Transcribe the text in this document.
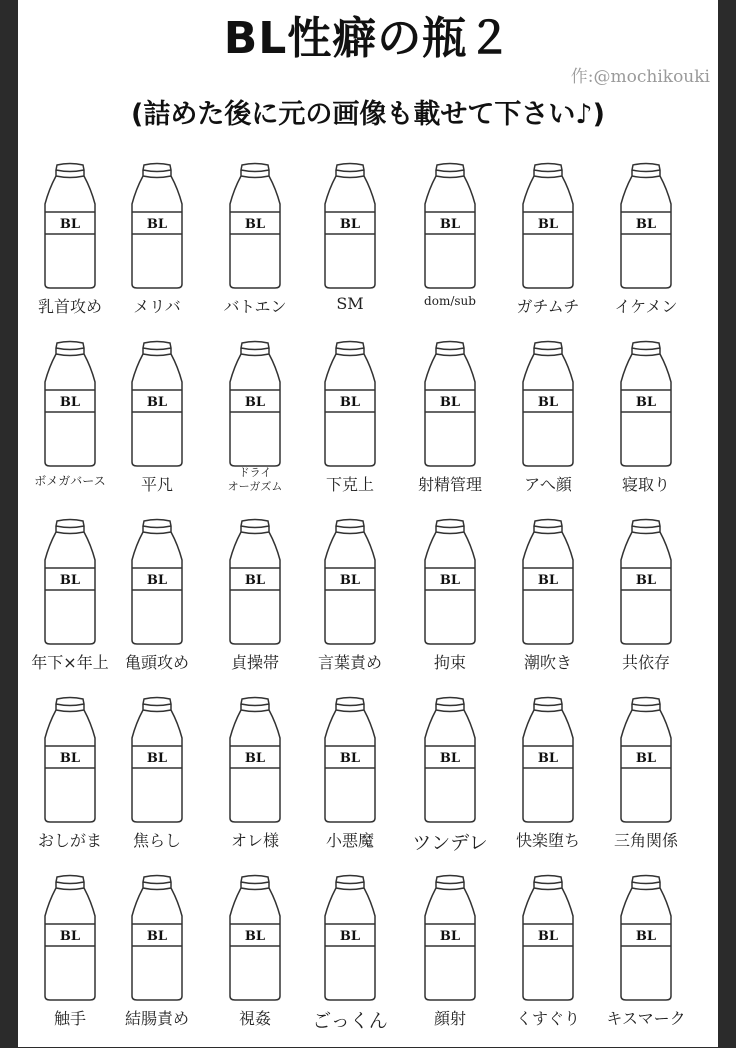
BL性癖の瓶２
作:@mochikouki
(詰めた後に元の画像も載せて下さい♪)
BL
乳首攻め
BL
メリバ
BL
バトエン
BL
SM
BL
dom/sub
BL
ガチムチ
BL
イケメン
BL
ボメガバース
BL
平凡
BL
ドライ
オーガズム
BL
下克上
BL
射精管理
BL
アへ顔
BL
寝取り
BL
年下×年上
BL
亀頭攻め
BL
貞操帯
BL
言葉責め
BL
拘束
BL
潮吹き
BL
共依存
BL
おしがま
BL
焦らし
BL
オレ様
BL
小悪魔
BL
ツンデレ
BL
快楽堕ち
BL
三角関係
BL
触手
BL
結腸責め
BL
視姦
BL
ごっくん
BL
顔射
BL
くすぐり
BL
キスマーク
